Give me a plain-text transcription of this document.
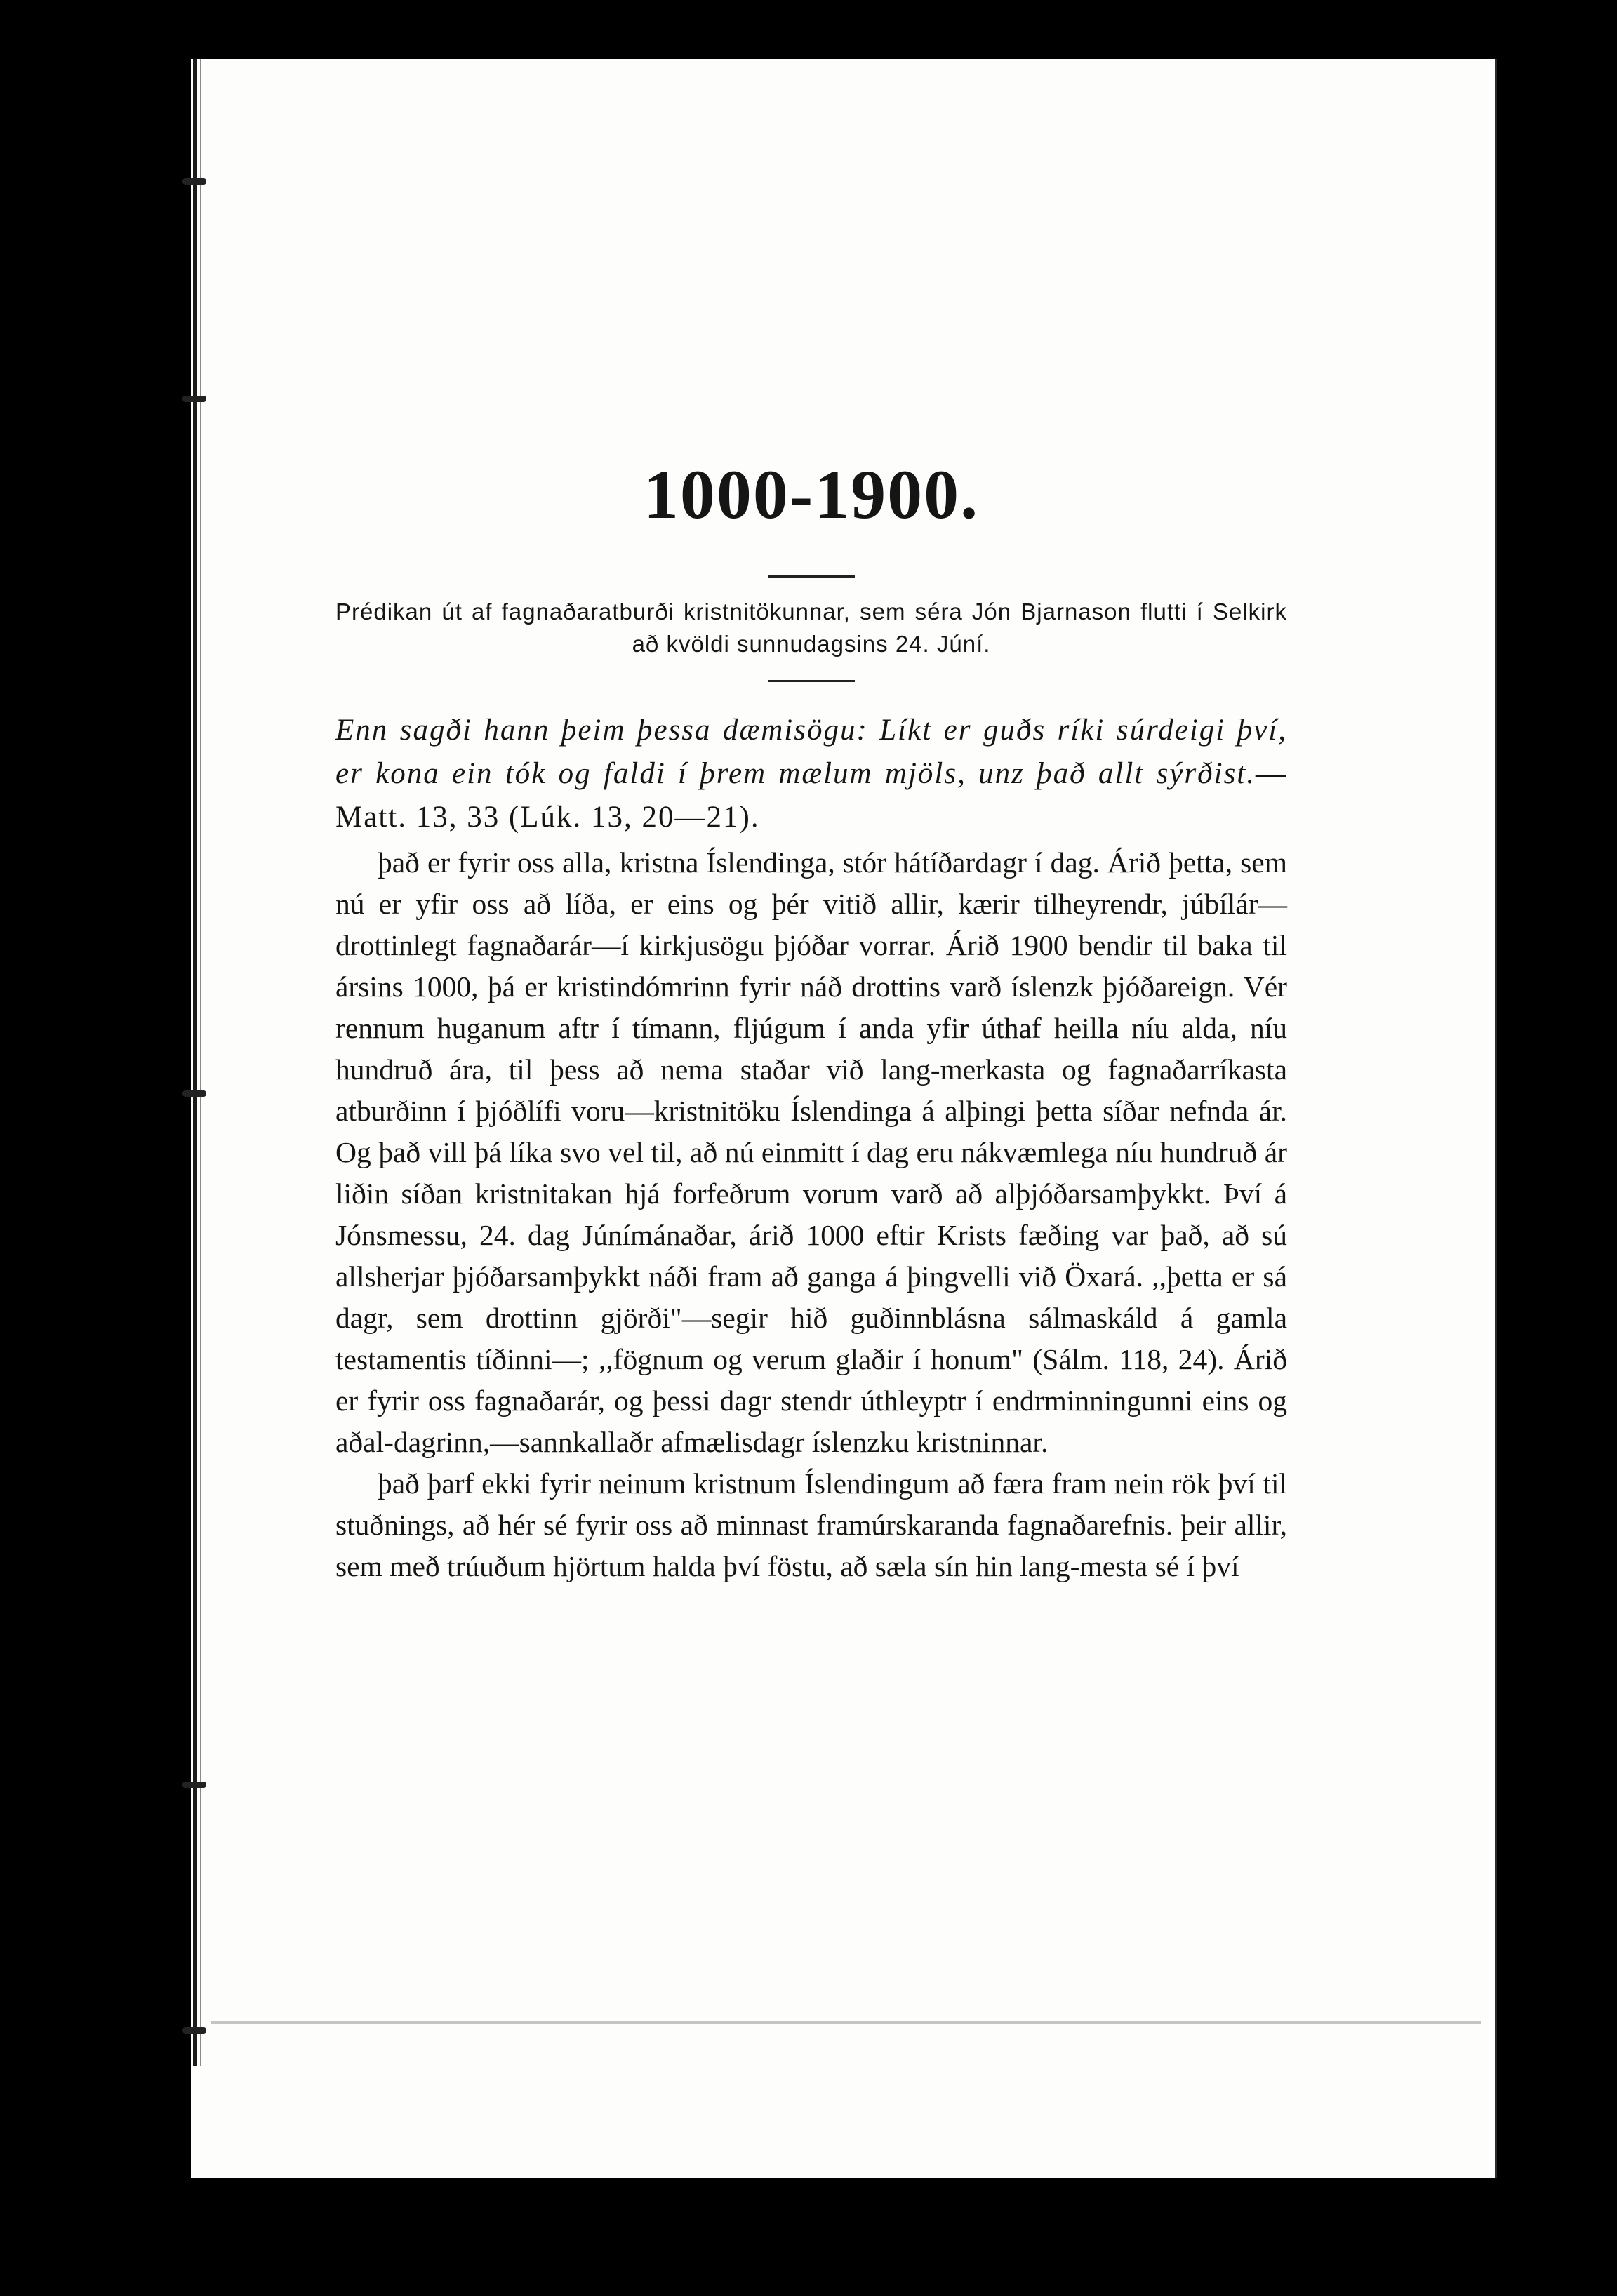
1000-1900.
Prédikan út af fagnaðaratburði kristnitökunnar, sem séra Jón Bjarnason flutti í Selkirk að kvöldi sunnudagsins 24. Júní.
Enn sagði hann þeim þessa dæmisögu: Líkt er guðs ríki súrdeigi því, er kona ein tók og faldi í þrem mælum mjöls, unz það allt sýrðist.—Matt. 13, 33 (Lúk. 13, 20—21).

það er fyrir oss alla, kristna Íslendinga, stór hátíðardagr í dag. Árið þetta, sem nú er yfir oss að líða, er eins og þér vitið allir, kærir tilheyrendr, júbílár—drottinlegt fagnaðarár—í kirkjusögu þjóðar vorrar. Árið 1900 bendir til baka til ársins 1000, þá er kristindómrinn fyrir náð drottins varð íslenzk þjóðareign. Vér rennum huganum aftr í tímann, fljúgum í anda yfir úthaf heilla níu alda, níu hundruð ára, til þess að nema staðar við lang-merkasta og fagnaðarríkasta atburðinn í þjóðlífi voru—kristnitöku Íslendinga á alþingi þetta síðar nefnda ár. Og það vill þá líka svo vel til, að nú einmitt í dag eru nákvæmlega níu hundruð ár liðin síðan kristnitakan hjá forfeðrum vorum varð að alþjóðarsamþykkt. Því á Jónsmessu, 24. dag Júnímánaðar, árið 1000 eftir Krists fæðing var það, að sú allsherjar þjóðarsamþykkt náði fram að ganga á þingvelli við Öxará. ,,þetta er sá dagr, sem drottinn gjörði"—segir hið guðinnblásna sálmaskáld á gamla testamentis tíðinni—; ,,fögnum og verum glaðir í honum" (Sálm. 118, 24). Árið er fyrir oss fagnaðarár, og þessi dagr stendr úthleyptr í endrminningunni eins og aðal-dagrinn,—sannkallaðr afmælisdagr íslenzku kristninnar.

það þarf ekki fyrir neinum kristnum Íslendingum að færa fram nein rök því til stuðnings, að hér sé fyrir oss að minnast framúrskaranda fagnaðarefnis. þeir allir, sem með trúuðum hjörtum halda því föstu, að sæla sín hin lang-mesta sé í því
